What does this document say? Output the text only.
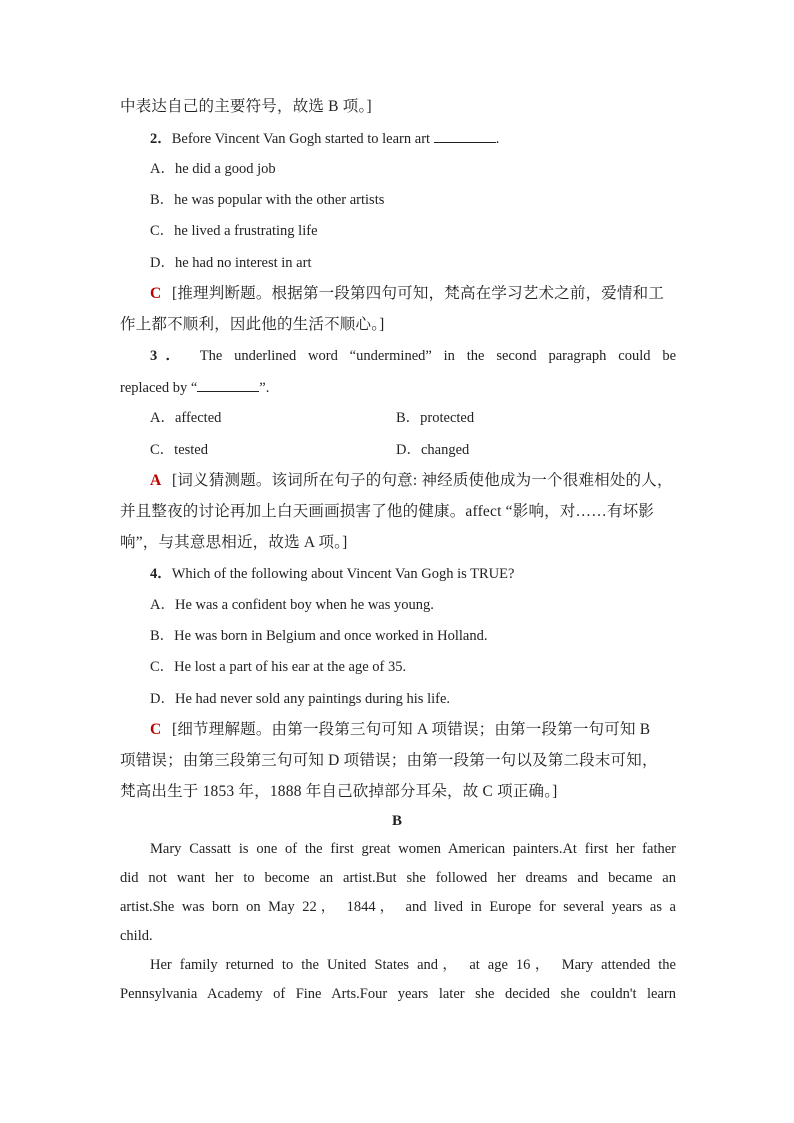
中表达自己的主要符号，故选 B 项。]
2．Before Vincent Van Gogh started to learn art	.
A．he did a good job
B．he was popular with the other artists
C．he lived a frustrating life
D．he had no interest in art
C [推理判断题。根据第一段第四句可知，梵高在学习艺术之前，爱情和工
作上都不顺利，因此他的生活不顺心。]
3． The underlined word “undermined” in the second paragraph could be
replaced by “	”.
A．affected	B．protected
C．tested	D．changed
A [词义猜测题。该词所在句子的句意: 神经质使他成为一个很难相处的人，
并且整夜的讨论再加上白天画画损害了他的健康。affect “影响，对……有坏影
响”，与其意思相近，故选 A 项。]
4．Which of the following about Vincent Van Gogh is TRUE?
A．He was a confident boy when he was young.
B．He was born in Belgium and once worked in Holland.
C．He lost a part of his ear at the age of 35.
D．He had never sold any paintings during his life.
C [细节理解题。由第一段第三句可知 A 项错误；由第一段第一句可知 B
项错误；由第三段第三句可知 D 项错误；由第一段第一句以及第二段末可知，
梵高出生于 1853 年，1888 年自己砍掉部分耳朵，故 C 项正确。]
B
Mary Cassatt is one of the first great women American painters.At first her father
did not want her to become an artist.But she followed her dreams and became an
artist.She was born on May 22， 1844， and lived in Europe for several years as a
child.
Her family returned to the United States and， at age 16， Mary attended the
Pennsylvania Academy of Fine Arts.Four years later she decided she couldn't learn
